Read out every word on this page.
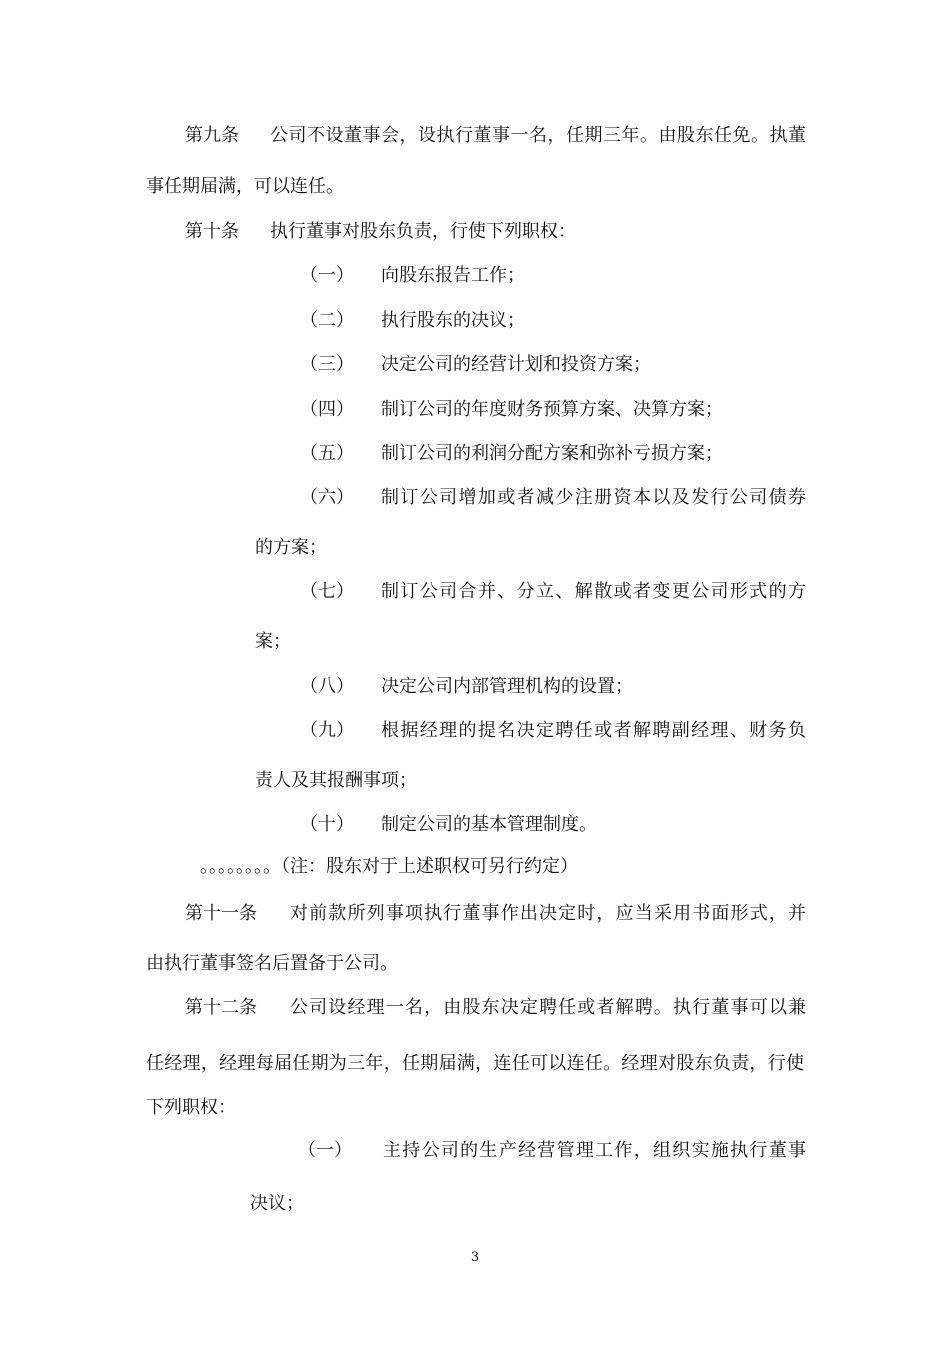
第九条 公司不设董事会，设执行董事一名，任期三年。由股东任免。执董
事任期届满，可以连任。
第十条 执行董事对股东负责，行使下列职权：
（一） 向股东报告工作；
（二） 执行股东的决议；
（三） 决定公司的经营计划和投资方案；
（四） 制订公司的年度财务预算方案、决算方案；
（五） 制订公司的利润分配方案和弥补亏损方案；
（六） 制订公司增加或者减少注册资本以及发行公司债券
的方案；
（七） 制订公司合并、分立、解散或者变更公司形式的方
案；
（八） 决定公司内部管理机构的设置；
（九） 根据经理的提名决定聘任或者解聘副经理、财务负
责人及其报酬事项；
（十） 制定公司的基本管理制度。
。。。。。。。。（注：股东对于上述职权可另行约定）
第十一条 对前款所列事项执行董事作出决定时，应当采用书面形式，并
由执行董事签名后置备于公司。
第十二条 公司设经理一名，由股东决定聘任或者解聘。执行董事可以兼
任经理，经理每届任期为三年，任期届满，连任可以连任。经理对股东负责，行使
下列职权：
（一） 主持公司的生产经营管理工作，组织实施执行董事
决议；
3
